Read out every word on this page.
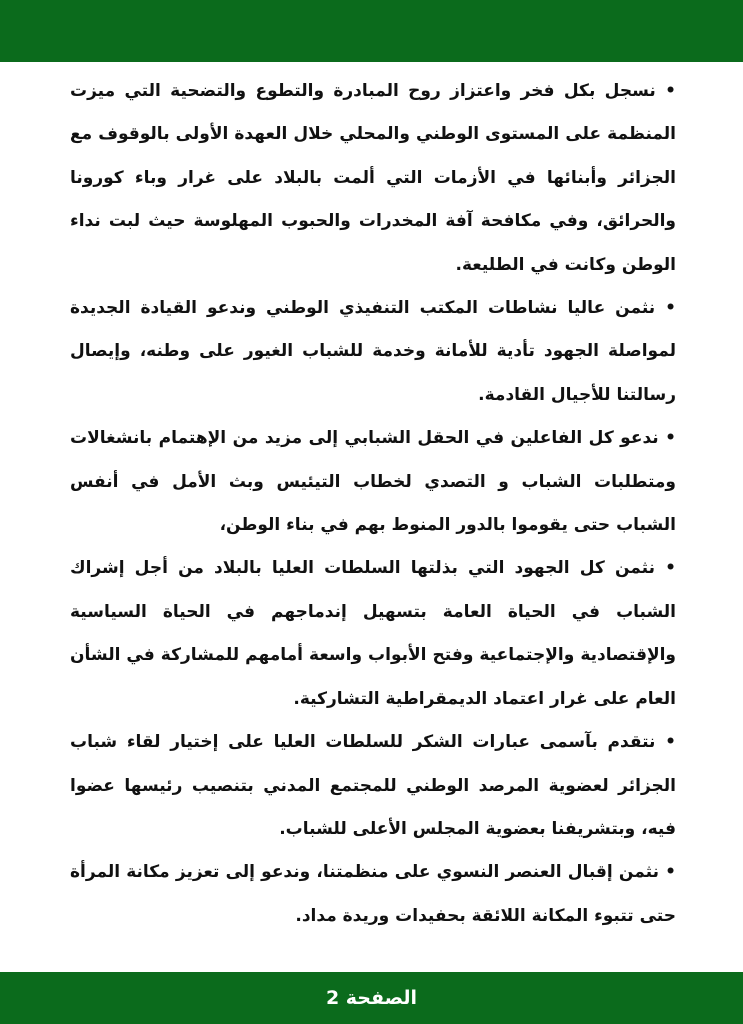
• نسجل بكل فخر واعتزاز روح المبادرة والتطوع والتضحية التي ميزت المنظمة على المستوى الوطني والمحلي خلال العهدة الأولى بالوقوف مع الجزائر وأبنائها في الأزمات التي ألمت بالبلاد على غرار وباء كورونا والحرائق، وفي مكافحة آفة المخدرات والحبوب المهلوسة حيث لبت نداء الوطن وكانت في الطليعة.

• نثمن عاليا نشاطات المكتب التنفيذي الوطني وندعو القيادة الجديدة لمواصلة الجهود تأدية للأمانة وخدمة للشباب الغيور على وطنه، وإيصال رسالتنا للأجيال القادمة.

• ندعو كل الفاعلين في الحقل الشبابي إلى مزيد من الإهتمام بانشغالات ومتطلبات الشباب و التصدي لخطاب التيئيس وبث الأمل في أنفس الشباب حتى يقوموا بالدور المنوط بهم في بناء الوطن،

• نثمن كل الجهود التي بذلتها السلطات العليا بالبلاد من أجل إشراك الشباب في الحياة العامة بتسهيل إندماجهم في الحياة السياسية والإقتصادية والإجتماعية وفتح الأبواب واسعة أمامهم للمشاركة في الشأن العام على غرار اعتماد الديمقراطية التشاركية.

• نتقدم بآسمى عبارات الشكر للسلطات العليا على إختيار لقاء شباب الجزائر لعضوية المرصد الوطني للمجتمع المدني بتنصيب رئيسها عضوا فيه، وبتشريفنا بعضوية المجلس الأعلى للشباب.

• نثمن إقبال العنصر النسوي على منظمتنا، وندعو إلى تعزيز مكانة المرأة حتى تتبوء المكانة اللائقة بحفيدات وريدة مداد.

الصفحة 2
